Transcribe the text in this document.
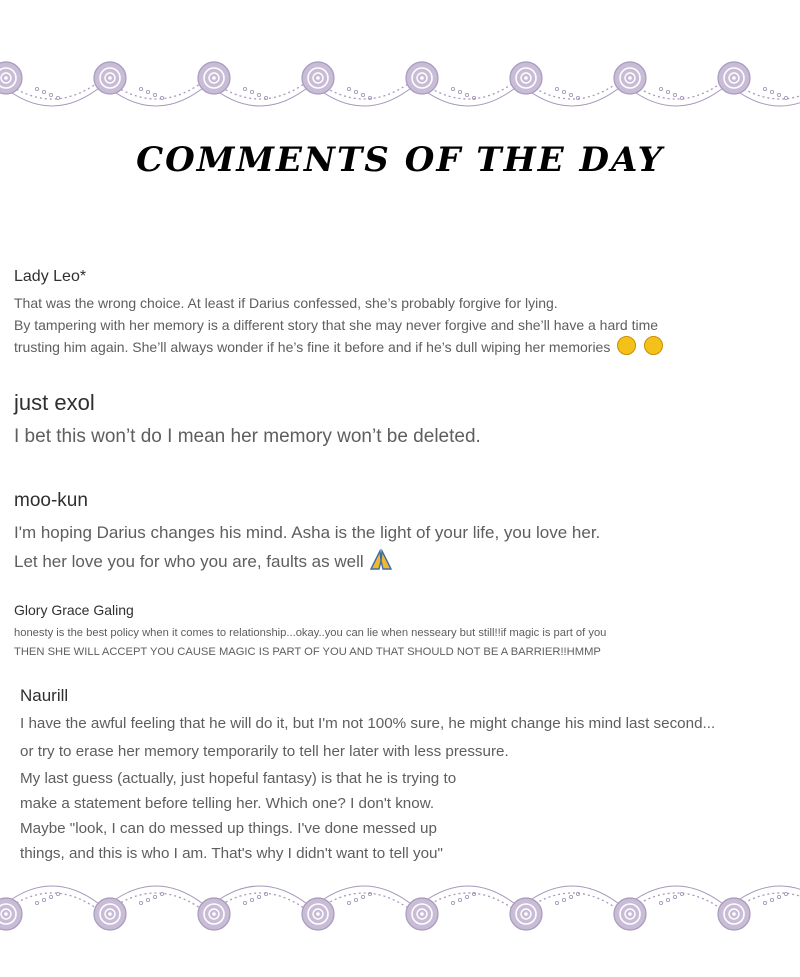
COMMENTS OF THE DAY
Lady Leo*
That was the wrong choice. At least if Darius confessed, she’s probably forgive for lying.
By tampering with her memory is a different story that she may never forgive and she’ll have a hard time
trusting him again. She’ll always wonder if he’s fine it before and if he’s dull wiping her memories
just exol
I bet this won’t do I mean her memory won’t be deleted.
moo-kun
I'm hoping Darius changes his mind. Asha is the light of your life, you love her.
Let her love you for who you are, faults as well
Glory Grace Galing
honesty is the best policy when it comes to relationship...okay..you can lie when nesseary but still!!if magic is part of you
THEN SHE WILL ACCEPT YOU CAUSE MAGIC IS PART OF YOU AND THAT SHOULD NOT BE A BARRIER!!HMMP
Naurill
I have the awful feeling that he will do it, but I'm not 100% sure, he might change his mind last second...
or try to erase her memory temporarily to tell her later with less pressure.
My last guess (actually, just hopeful fantasy) is that he is trying to
make a statement before telling her. Which one? I don't know.
Maybe "look, I can do messed up things. I've done messed up
things, and this is who I am. That's why I didn't want to tell you"
